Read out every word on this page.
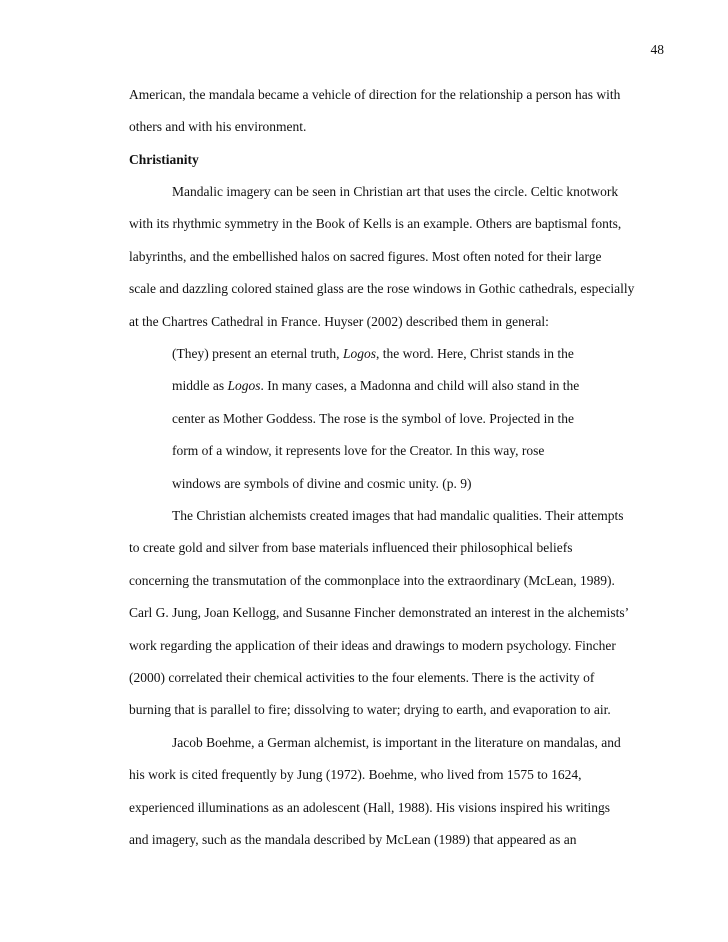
48
American, the mandala became a vehicle of direction for the relationship a person has with
others and with his environment.
Christianity
Mandalic imagery can be seen in Christian art that uses the circle. Celtic knotwork
with its rhythmic symmetry in the Book of Kells is an example. Others are baptismal fonts,
labyrinths, and the embellished halos on sacred figures. Most often noted for their large
scale and dazzling colored stained glass are the rose windows in Gothic cathedrals, especially
at the Chartres Cathedral in France. Huyser (2002) described them in general:
(They) present an eternal truth, Logos, the word. Here, Christ stands in the
middle as Logos. In many cases, a Madonna and child will also stand in the
center as Mother Goddess. The rose is the symbol of love. Projected in the
form of a window, it represents love for the Creator. In this way, rose
windows are symbols of divine and cosmic unity. (p. 9)
The Christian alchemists created images that had mandalic qualities. Their attempts
to create gold and silver from base materials influenced their philosophical beliefs
concerning the transmutation of the commonplace into the extraordinary (McLean, 1989).
Carl G. Jung, Joan Kellogg, and Susanne Fincher demonstrated an interest in the alchemists’
work regarding the application of their ideas and drawings to modern psychology. Fincher
(2000) correlated their chemical activities to the four elements. There is the activity of
burning that is parallel to fire; dissolving to water; drying to earth, and evaporation to air.
Jacob Boehme, a German alchemist, is important in the literature on mandalas, and
his work is cited frequently by Jung (1972). Boehme, who lived from 1575 to 1624,
experienced illuminations as an adolescent (Hall, 1988). His visions inspired his writings
and imagery, such as the mandala described by McLean (1989) that appeared as an
